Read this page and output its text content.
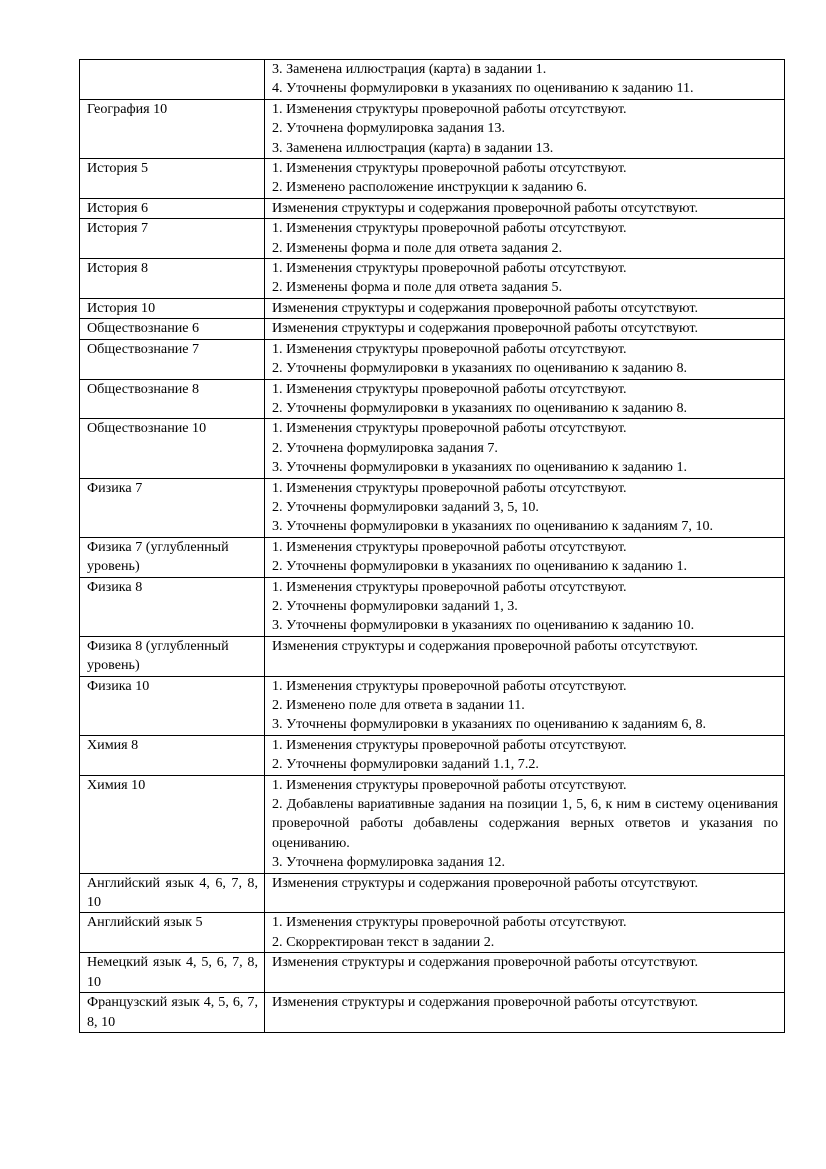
	3. Заменена иллюстрация (карта) в задании 1.
4. Уточнены формулировки в указаниях по оцениванию к заданию 11.

География 10	1. Изменения структуры проверочной работы отсутствуют.
2. Уточнена формулировка задания 13.
3. Заменена иллюстрация (карта) в задании 13.

История 5	1. Изменения структуры проверочной работы отсутствуют.
2. Изменено расположение инструкции к заданию 6.

История 6	Изменения структуры и содержания проверочной работы отсутствуют.

История 7	1. Изменения структуры проверочной работы отсутствуют.
2. Изменены форма и поле для ответа задания 2.

История 8	1. Изменения структуры проверочной работы отсутствуют.
2. Изменены форма и поле для ответа задания 5.

История 10	Изменения структуры и содержания проверочной работы отсутствуют.

Обществознание 6	Изменения структуры и содержания проверочной работы отсутствуют.

Обществознание 7	1. Изменения структуры проверочной работы отсутствуют.
2. Уточнены формулировки в указаниях по оцениванию к заданию 8.

Обществознание 8	1. Изменения структуры проверочной работы отсутствуют.
2. Уточнены формулировки в указаниях по оцениванию к заданию 8.

Обществознание 10	1. Изменения структуры проверочной работы отсутствуют.
2. Уточнена формулировка задания 7.
3. Уточнены формулировки в указаниях по оцениванию к заданию 1.

Физика 7	1. Изменения структуры проверочной работы отсутствуют.
2. Уточнены формулировки заданий 3, 5, 10.
3. Уточнены формулировки в указаниях по оцениванию к заданиям 7, 10.

Физика 7 (углубленный уровень)	1. Изменения структуры проверочной работы отсутствуют.
2. Уточнены формулировки в указаниях по оцениванию к заданию 1.

Физика 8	1. Изменения структуры проверочной работы отсутствуют.
2. Уточнены формулировки заданий 1, 3.
3. Уточнены формулировки в указаниях по оцениванию к заданию 10.

Физика 8 (углубленный уровень)	Изменения структуры и содержания проверочной работы отсутствуют.

Физика 10	1. Изменения структуры проверочной работы отсутствуют.
2. Изменено поле для ответа в задании 11.
3. Уточнены формулировки в указаниях по оцениванию к заданиям 6, 8.

Химия 8	1. Изменения структуры проверочной работы отсутствуют.
2. Уточнены формулировки заданий 1.1, 7.2.

Химия 10	1. Изменения структуры проверочной работы отсутствуют.
2. Добавлены вариативные задания на позиции 1, 5, 6, к ним в систему оценивания проверочной работы добавлены содержания верных ответов и указания по оцениванию.
3. Уточнена формулировка задания 12.

Английский язык 4, 6, 7, 8, 10	Изменения структуры и содержания проверочной работы отсутствуют.

Английский язык 5	1. Изменения структуры проверочной работы отсутствуют.
2. Скорректирован текст в задании 2.

Немецкий язык 4, 5, 6, 7, 8, 10	Изменения структуры и содержания проверочной работы отсутствуют.

Французский язык 4, 5, 6, 7, 8, 10	Изменения структуры и содержания проверочной работы отсутствуют.
